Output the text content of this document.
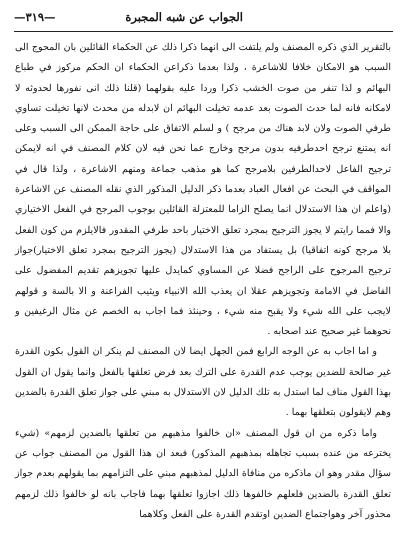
الجواب عن شبه المجبرة
—٣١٩—

بالتقرير الذي ذكره المصنف ولم يلتفت الى انهما ذكرا ذلك عن الحكماء القائلين بان المحوج الى السبب هو الامكان خلافا للاشاعرة ، ولذا بعدما ذكراعن الحكماء ان الحكم مركوز في طباع البهائم و لذا تنفر من صوت الخشب ذكرا وردا عليه بقولهما (قلنا ذلك انى نفورها لحدوثه لا لامكانه فانه لما حدث الصوت بعد عدمه تخيلت البهائم ان لابدله من محدث لانها تخيلت تساوي طرفي الصوت ولان لابد هناك من مرجح ) و لسلم الاتفاق على حاجة الممكن الى السبب وعلى انه يمتنع ترجح احدطرفيه بدون مرجح وخارج عما نحن فيه لان كلام المصنف في انه لايمكن ترجيح الفاعل لاحدالطرفين بلامرجح كما هو مذهب جماعة ومنهم الاشاعرة ، ولذا قال في المواقف في البحث عن افعال العباد بعدما ذكر الدليل المذكور الذي نقله المصنف عن الاشاعرة (واعلم ان هذا الاستدلال انما يصلح الزاما للمعتزلة القائلين بوجوب المرجح في الفعل الاختياري والا فمما رايتم لا يجوز الترجيح بمجرد تعلق الاختيار باحد طرفي المقدور فالايلزم من كون الفعل بلا مرجح كونه اتفاقيا) بل يستفاد من هذا الاستدلال (يجوز الترجيح بمجرد تعلق الاختيار)جواز ترجيح المرجوح على الراجح فضلا عن المساوي كمايدل عليها تجويزهم تقديم المفضول على الفاضل في الامامة وتجويزهم عقلا ان يعذب الله الانبياء ويثيب الفراعنة و الا بالسة و قولهم لايجب على الله شيء ولا يقبح منه شيء ، وحينئذ فما اجاب به الخصم عن مثال الرغيفين و نحوهما غير صحيح عند اصحابه .

و اما اجاب به عن الوجه الرابع فمن الجهل ايضا لان المصنف لم ينكر ان القول بكون القدرة غير صالحة للضدين يوجب عدم القدرة على الترك بعد فرض تعلقها بالفعل وانما يقول ان القول بهذا القول مناف لما استدل به تلك الدليل لان الاستدلال به مبني على جواز تعلق القدرة بالضدين وهم لايقولون بتعلقها بهما .

واما ذكره من ان قول المصنف «ان خالفوا مذهبهم من تعلقها بالضدين لزمهم» (شيء يخترعه من عنده بسبب تجاهله بمذهبهم المذكور) فبعد ان هذا القول من المصنف جواب عن سؤال مقدر وهو ان ماذكره من منافاة الدليل لمذهبهم مبني على التزامهم بما يقولهم بعدم جواز تعلق القدرة بالضدين فلعلهم خالفوها ذلك اجازوا تعلقها بهما فاجاب بانه لو خالفوا ذلك لزمهم محذور آخر وهواجتماع الضدين اوتقدم القدرة على الفعل وكلاهما
